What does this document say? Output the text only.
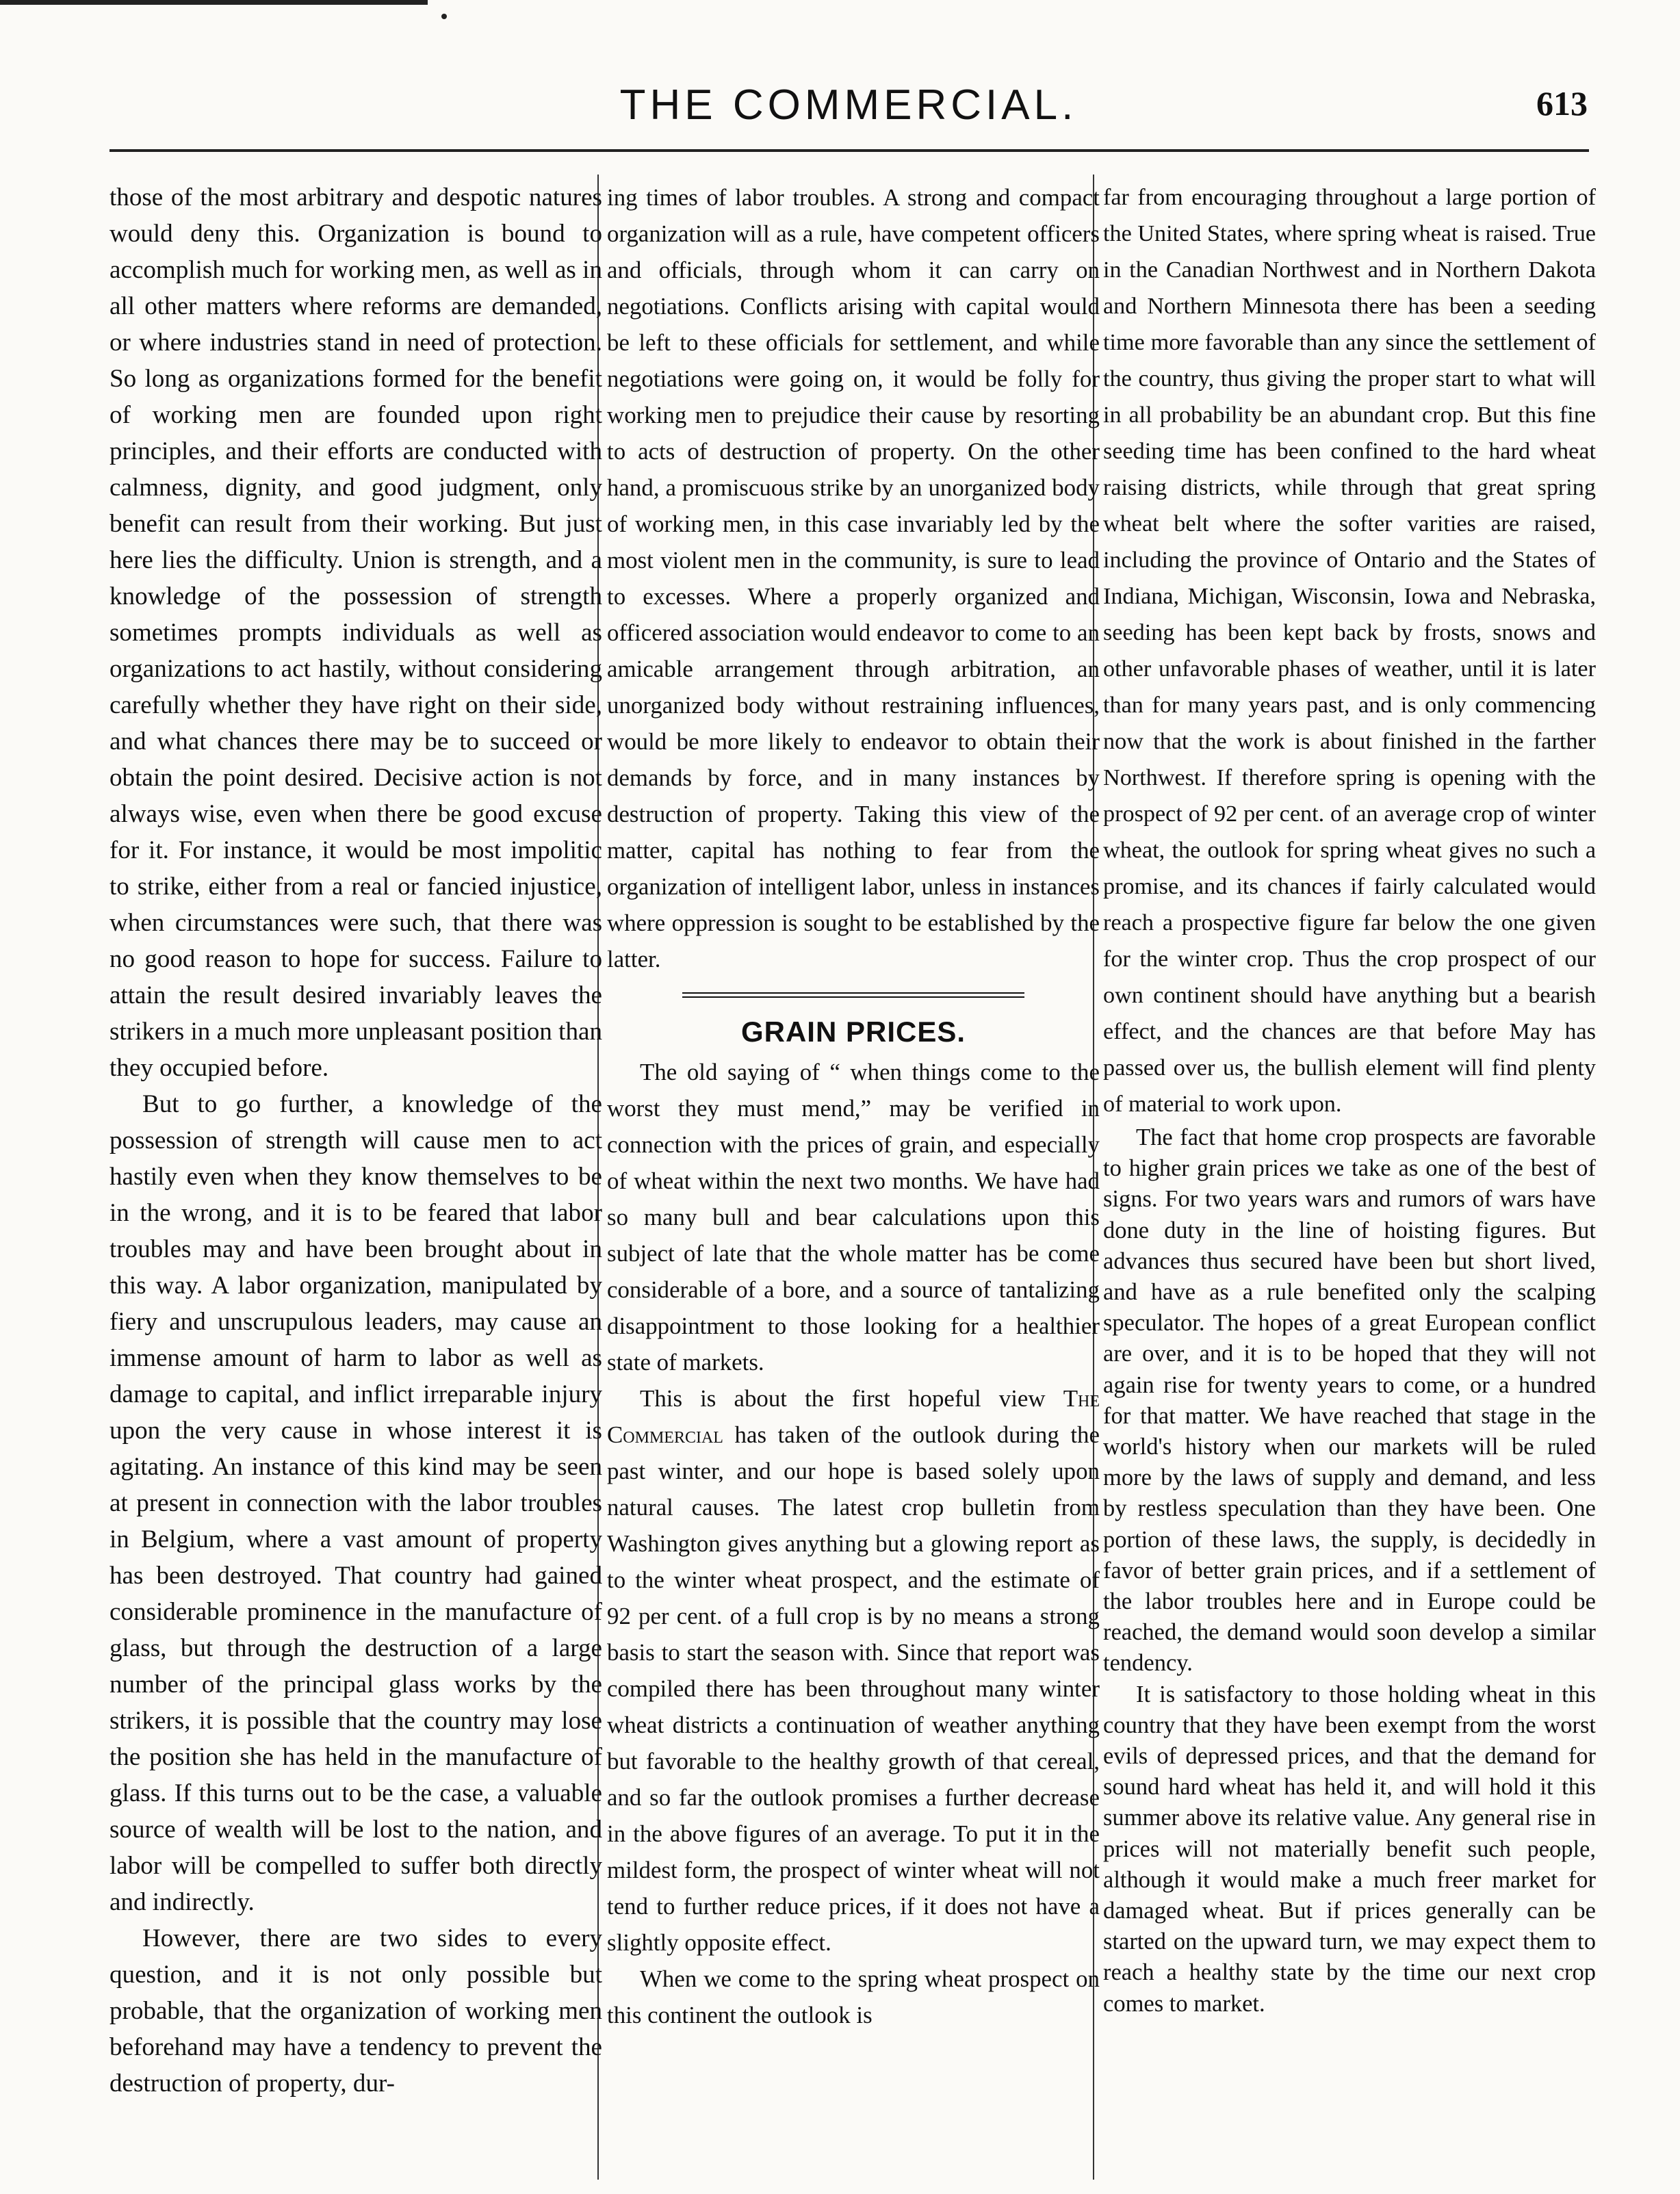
THE COMMERCIAL.	613

those of the most arbitrary and despotic natures would deny this. Organization is bound to accomplish much for working men, as well as in all other matters where reforms are demanded, or where industries stand in need of protection. So long as organizations formed for the benefit of working men are founded upon right principles, and their efforts are conducted with calmness, dignity, and good judgment, only benefit can result from their working. But just here lies the difficulty. Union is strength, and a knowledge of the possession of strength sometimes prompts individuals as well as organizations to act hastily, without considering carefully whether they have right on their side, and what chances there may be to succeed or obtain the point desired. Decisive action is not always wise, even when there be good excuse for it. For instance, it would be most impolitic to strike, either from a real or fancied injustice, when circumstances were such, that there was no good reason to hope for success. Failure to attain the result desired invariably leaves the strikers in a much more unpleasant position than they occupied before.

But to go further, a knowledge of the possession of strength will cause men to act hastily even when they know themselves to be in the wrong, and it is to be feared that labor troubles may and have been brought about in this way. A labor organization, manipulated by fiery and unscrupulous leaders, may cause an immense amount of harm to labor as well as damage to capital, and inflict irreparable injury upon the very cause in whose interest it is agitating. An instance of this kind may be seen at present in connection with the labor troubles in Belgium, where a vast amount of property has been destroyed. That country had gained considerable prominence in the manufacture of glass, but through the destruction of a large number of the principal glass works by the strikers, it is possible that the country may lose the position she has held in the manufacture of glass. If this turns out to be the case, a valuable source of wealth will be lost to the nation, and labor will be compelled to suffer both directly and indirectly.

However, there are two sides to every question, and it is not only possible but probable, that the organization of working men beforehand may have a tendency to prevent the destruction of property, dur-

ing times of labor troubles. A strong and compact organization will as a rule, have competent officers and officials, through whom it can carry on negotiations. Conflicts arising with capital would be left to these officials for settlement, and while negotiations were going on, it would be folly for working men to prejudice their cause by resorting to acts of destruction of property. On the other hand, a promiscuous strike by an unorganized body of working men, in this case invariably led by the most violent men in the community, is sure to lead to excesses. Where a properly organized and officered association would endeavor to come to an amicable arrangement through arbitration, an unorganized body without restraining influences, would be more likely to endeavor to obtain their demands by force, and in many instances by destruction of property. Taking this view of the matter, capital has nothing to fear from the organization of intelligent labor, unless in instances where oppression is sought to be established by the latter.

GRAIN PRICES.

The old saying of “ when things come to the worst they must mend,” may be verified in connection with the prices of grain, and especially of wheat within the next two months. We have had so many bull and bear calculations upon this subject of late that the whole matter has be come considerable of a bore, and a source of tantalizing disappointment to those looking for a healthier state of markets.

This is about the first hopeful view The Commercial has taken of the outlook during the past winter, and our hope is based solely upon natural causes. The latest crop bulletin from Washington gives anything but a glowing report as to the winter wheat prospect, and the estimate of 92 per cent. of a full crop is by no means a strong basis to start the season with. Since that report was compiled there has been throughout many winter wheat districts a continuation of weather anything but favorable to the healthy growth of that cereal, and so far the outlook promises a further decrease in the above figures of an average. To put it in the mildest form, the prospect of winter wheat will not tend to further reduce prices, if it does not have a slightly opposite effect.

When we come to the spring wheat prospect on this continent the outlook is

far from encouraging throughout a large portion of the United States, where spring wheat is raised. True in the Canadian Northwest and in Northern Dakota and Northern Minnesota there has been a seeding time more favorable than any since the settlement of the country, thus giving the proper start to what will in all probability be an abundant crop. But this fine seeding time has been confined to the hard wheat raising districts, while through that great spring wheat belt where the softer varities are raised, including the province of Ontario and the States of Indiana, Michigan, Wisconsin, Iowa and Nebraska, seeding has been kept back by frosts, snows and other unfavorable phases of weather, until it is later than for many years past, and is only commencing now that the work is about finished in the farther Northwest. If therefore spring is opening with the prospect of 92 per cent. of an average crop of winter wheat, the outlook for spring wheat gives no such a promise, and its chances if fairly calculated would reach a prospective figure far below the one given for the winter crop. Thus the crop prospect of our own continent should have anything but a bearish effect, and the chances are that before May has passed over us, the bullish element will find plenty of material to work upon.

The fact that home crop prospects are favorable to higher grain prices we take as one of the best of signs. For two years wars and rumors of wars have done duty in the line of hoisting figures. But advances thus secured have been but short lived, and have as a rule benefited only the scalping speculator. The hopes of a great European conflict are over, and it is to be hoped that they will not again rise for twenty years to come, or a hundred for that matter. We have reached that stage in the world's history when our markets will be ruled more by the laws of supply and demand, and less by restless speculation than they have been. One portion of these laws, the supply, is decidedly in favor of better grain prices, and if a settlement of the labor troubles here and in Europe could be reached, the demand would soon develop a similar tendency.

It is satisfactory to those holding wheat in this country that they have been exempt from the worst evils of depressed prices, and that the demand for sound hard wheat has held it, and will hold it this summer above its relative value. Any general rise in prices will not materially benefit such people, although it would make a much freer market for damaged wheat. But if prices generally can be started on the upward turn, we may expect them to reach a healthy state by the time our next crop comes to market.
